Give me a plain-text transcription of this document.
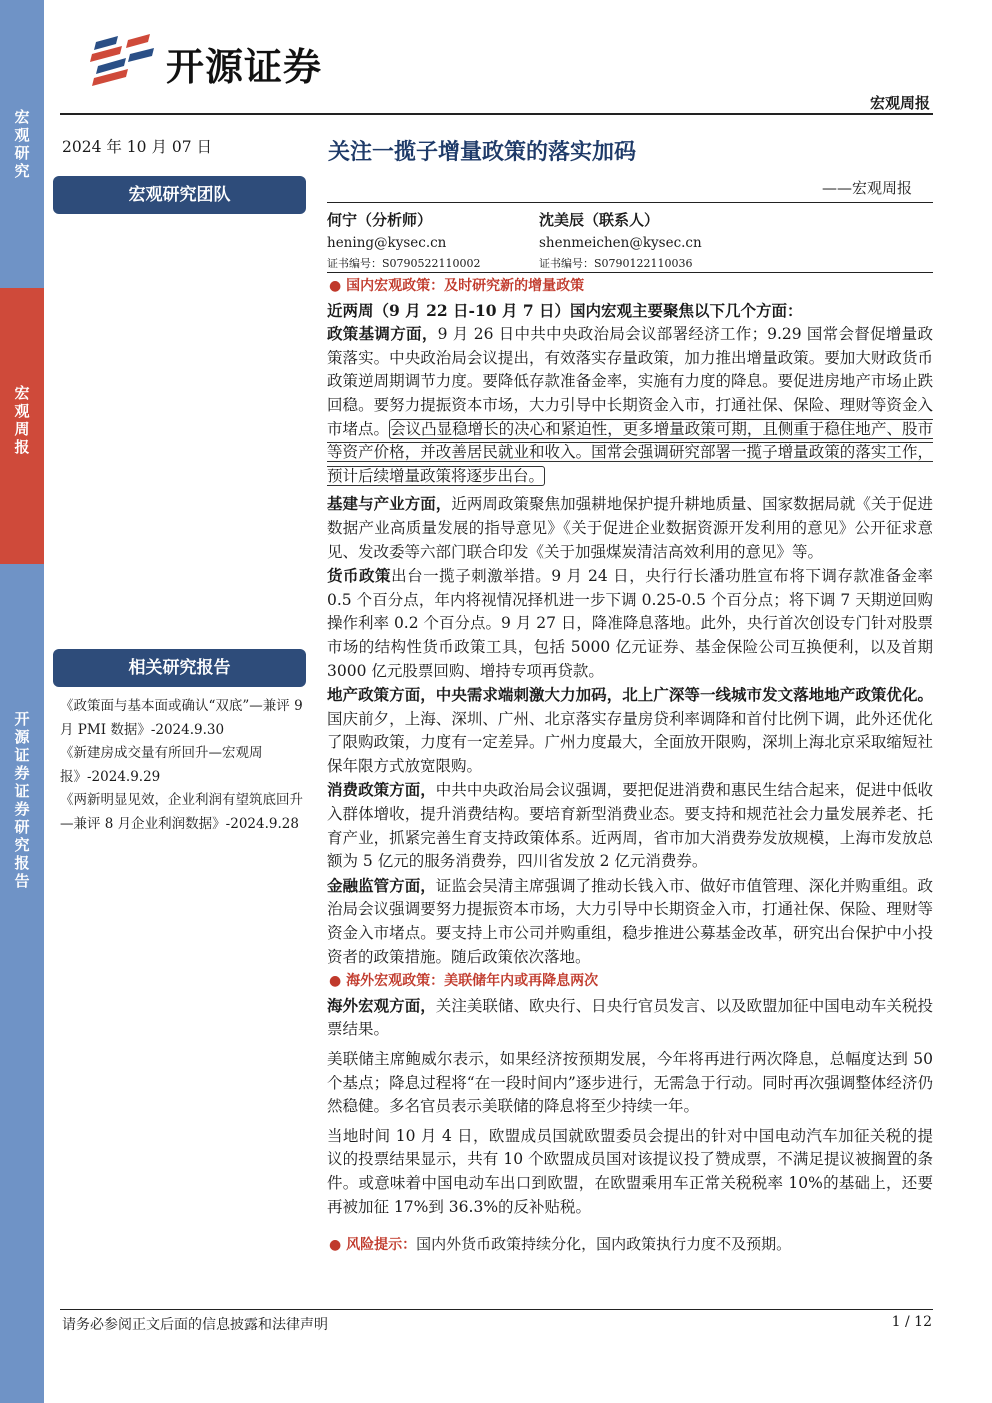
宏观研究
宏观周报
开源证券 证券研究报告
开源证券
宏观周报
2024 年 10 月 07 日	关注一揽子增量政策的落实加码
——宏观周报
宏观研究团队
何宁（分析师）
hening@kysec.cn
证书编号：S0790522110002
沈美辰（联系人）
shenmeichen@kysec.cn
证书编号：S0790122110036
相关研究报告
《政策面与基本面或确认“双底”—兼评 9 月 PMI 数据》-2024.9.30
《新建房成交量有所回升—宏观周报》-2024.9.29
《两新明显见效，企业利润有望筑底回升—兼评 8 月企业利润数据》-2024.9.28
● 国内宏观政策：及时研究新的增量政策

近两周（9 月 22 日-10 月 7 日）国内宏观主要聚焦以下几个方面：

政策基调方面，9 月 26 日中共中央政治局会议部署经济工作；9.29 国常会督促增量政策落实。中央政治局会议提出，有效落实存量政策，加力推出增量政策。要加大财政货币政策逆周期调节力度。要降低存款准备金率，实施有力度的降息。要促进房地产市场止跌回稳。要努力提振资本市场，大力引导中长期资金入市，打通社保、保险、理财等资金入市堵点。会议凸显稳增长的决心和紧迫性，更多增量政策可期，且侧重于稳住地产、股市等资产价格，并改善居民就业和收入。国常会强调研究部署一揽子增量政策的落实工作，预计后续增量政策将逐步出台。

基建与产业方面，近两周政策聚焦加强耕地保护提升耕地质量、国家数据局就《关于促进数据产业高质量发展的指导意见》《关于促进企业数据资源开发利用的意见》公开征求意见、发改委等六部门联合印发《关于加强煤炭清洁高效利用的意见》等。

货币政策出台一揽子刺激举措。9 月 24 日，央行行长潘功胜宣布将下调存款准备金率 0.5 个百分点，年内将视情况择机进一步下调 0.25-0.5 个百分点；将下调 7 天期逆回购操作利率 0.2 个百分点。9 月 27 日，降准降息落地。此外，央行首次创设专门针对股票市场的结构性货币政策工具，包括 5000 亿元证券、基金保险公司互换便利，以及首期 3000 亿元股票回购、增持专项再贷款。

地产政策方面，中央需求端刺激大力加码，北上广深等一线城市发文落地地产政策优化。国庆前夕，上海、深圳、广州、北京落实存量房贷利率调降和首付比例下调，此外还优化了限购政策，力度有一定差异。广州力度最大，全面放开限购，深圳上海北京采取缩短社保年限方式放宽限购。

消费政策方面，中共中央政治局会议强调，要把促进消费和惠民生结合起来，促进中低收入群体增收，提升消费结构。要培育新型消费业态。要支持和规范社会力量发展养老、托育产业，抓紧完善生育支持政策体系。近两周，省市加大消费券发放规模，上海市发放总额为 5 亿元的服务消费券，四川省发放 2 亿元消费券。

金融监管方面，证监会吴清主席强调了推动长钱入市、做好市值管理、深化并购重组。政治局会议强调要努力提振资本市场，大力引导中长期资金入市，打通社保、保险、理财等资金入市堵点。要支持上市公司并购重组，稳步推进公募基金改革，研究出台保护中小投资者的政策措施。随后政策依次落地。

● 海外宏观政策：美联储年内或再降息两次

海外宏观方面，关注美联储、欧央行、日央行官员发言、以及欧盟加征中国电动车关税投票结果。

美联储主席鲍威尔表示，如果经济按预期发展，今年将再进行两次降息，总幅度达到 50 个基点；降息过程将“在一段时间内”逐步进行，无需急于行动。同时再次强调整体经济仍然稳健。多名官员表示美联储的降息将至少持续一年。

当地时间 10 月 4 日，欧盟成员国就欧盟委员会提出的针对中国电动汽车加征关税的提议的投票结果显示，共有 10 个欧盟成员国对该提议投了赞成票，不满足提议被搁置的条件。或意味着中国电动车出口到欧盟，在欧盟乘用车正常关税税率 10%的基础上，还要再被加征 17%到 36.3%的反补贴税。

● 风险提示：国内外货币政策持续分化，国内政策执行力度不及预期。
请务必参阅正文后面的信息披露和法律声明	1 / 12
